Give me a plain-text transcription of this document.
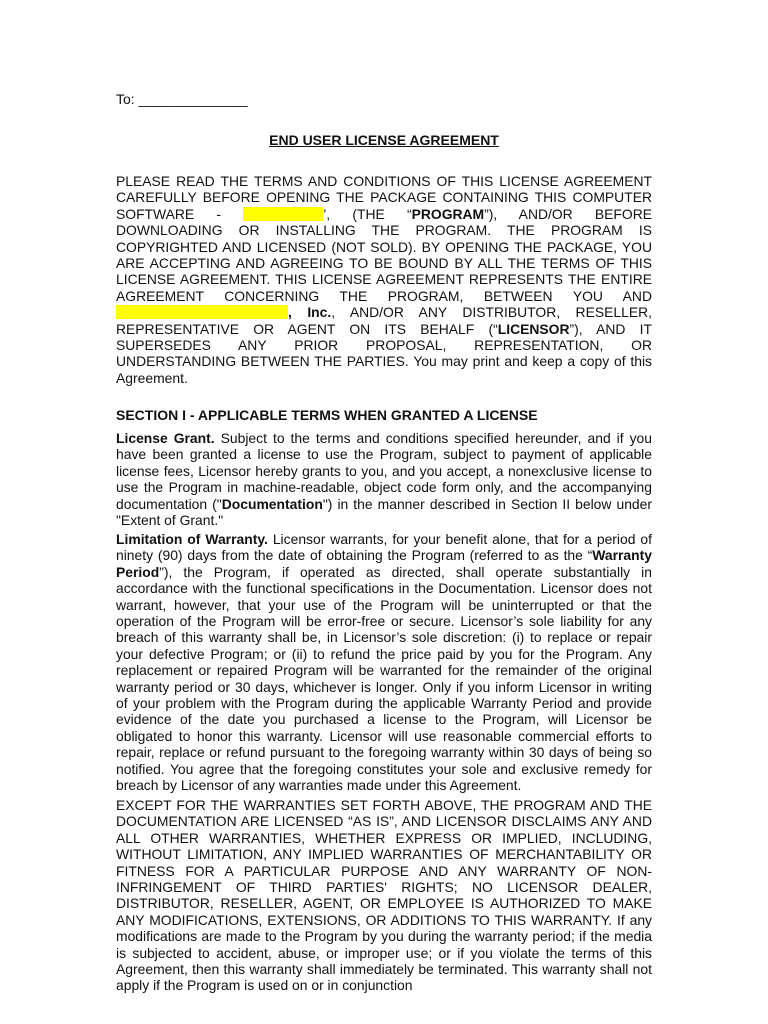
To: ______________
END USER LICENSE AGREEMENT
PLEASE READ THE TERMS AND CONDITIONS OF THIS LICENSE AGREEMENT CAREFULLY BEFORE OPENING THE PACKAGE CONTAINING THIS COMPUTER SOFTWARE -	’, (THE “PROGRAM”), AND/OR BEFORE DOWNLOADING OR INSTALLING THE PROGRAM. THE PROGRAM IS COPYRIGHTED AND LICENSED (NOT SOLD). BY OPENING THE PACKAGE, YOU ARE ACCEPTING AND AGREEING TO BE BOUND BY ALL THE TERMS OF THIS LICENSE AGREEMENT. THIS LICENSE AGREEMENT REPRESENTS THE ENTIRE AGREEMENT CONCERNING THE PROGRAM, BETWEEN YOU AND , Inc., AND/OR ANY DISTRIBUTOR, RESELLER, REPRESENTATIVE OR AGENT ON ITS BEHALF (“LICENSOR”), AND IT SUPERSEDES ANY PRIOR PROPOSAL, REPRESENTATION, OR UNDERSTANDING BETWEEN THE PARTIES. You may print and keep a copy of this Agreement.
SECTION I - APPLICABLE TERMS WHEN GRANTED A LICENSE
License Grant. Subject to the terms and conditions specified hereunder, and if you have been granted a license to use the Program, subject to payment of applicable license fees, Licensor hereby grants to you, and you accept, a nonexclusive license to use the Program in machine-readable, object code form only, and the accompanying documentation ("Documentation") in the manner described in Section II below under "Extent of Grant."
Limitation of Warranty. Licensor warrants, for your benefit alone, that for a period of ninety (90) days from the date of obtaining the Program (referred to as the “Warranty Period”), the Program, if operated as directed, shall operate substantially in accordance with the functional specifications in the Documentation. Licensor does not warrant, however, that your use of the Program will be uninterrupted or that the operation of the Program will be error-free or secure. Licensor’s sole liability for any breach of this warranty shall be, in Licensor’s sole discretion: (i) to replace or repair your defective Program; or (ii) to refund the price paid by you for the Program. Any replacement or repaired Program will be warranted for the remainder of the original warranty period or 30 days, whichever is longer. Only if you inform Licensor in writing of your problem with the Program during the applicable Warranty Period and provide evidence of the date you purchased a license to the Program, will Licensor be obligated to honor this warranty. Licensor will use reasonable commercial efforts to repair, replace or refund pursuant to the foregoing warranty within 30 days of being so notified. You agree that the foregoing constitutes your sole and exclusive remedy for breach by Licensor of any warranties made under this Agreement.
EXCEPT FOR THE WARRANTIES SET FORTH ABOVE, THE PROGRAM AND THE DOCUMENTATION ARE LICENSED “AS IS”, AND LICENSOR DISCLAIMS ANY AND ALL OTHER WARRANTIES, WHETHER EXPRESS OR IMPLIED, INCLUDING, WITHOUT LIMITATION, ANY IMPLIED WARRANTIES OF MERCHANTABILITY OR FITNESS FOR A PARTICULAR PURPOSE AND ANY WARRANTY OF NON-INFRINGEMENT OF THIRD PARTIES' RIGHTS; NO LICENSOR DEALER, DISTRIBUTOR, RESELLER, AGENT, OR EMPLOYEE IS AUTHORIZED TO MAKE ANY MODIFICATIONS, EXTENSIONS, OR ADDITIONS TO THIS WARRANTY. If any modifications are made to the Program by you during the warranty period; if the media is subjected to accident, abuse, or improper use; or if you violate the terms of this Agreement, then this warranty shall immediately be terminated. This warranty shall not apply if the Program is used on or in conjunction
